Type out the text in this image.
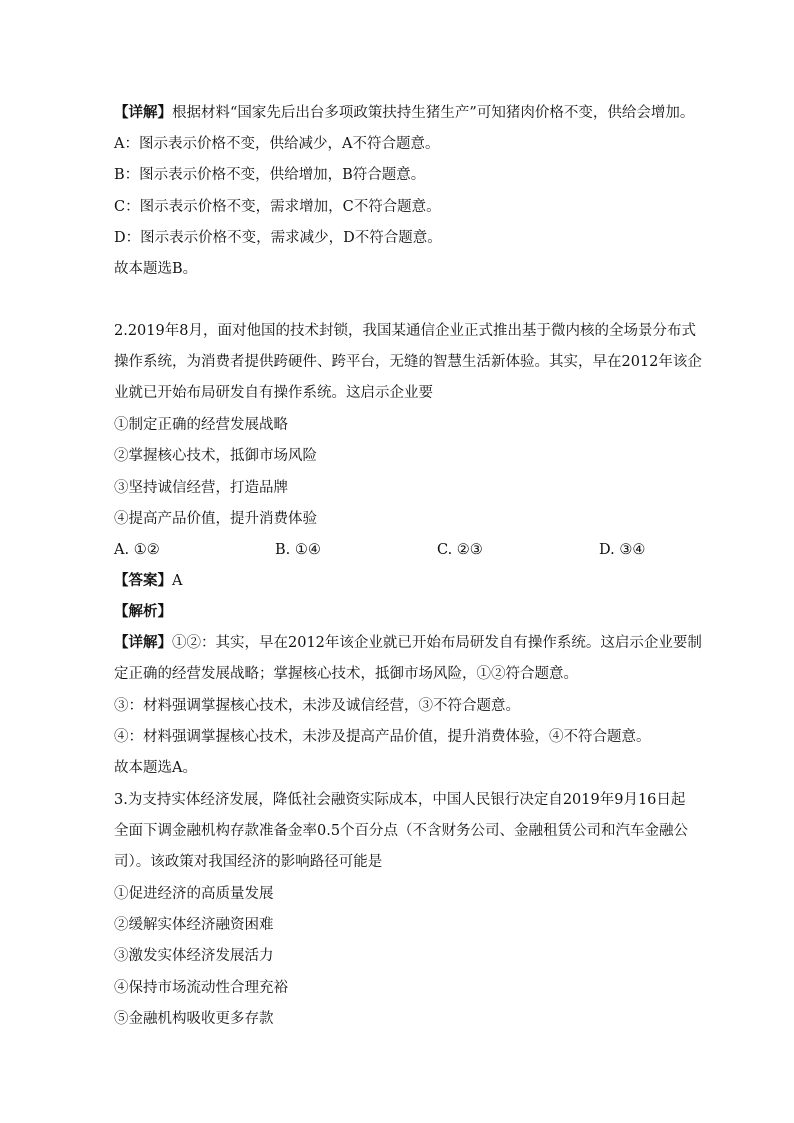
【详解】根据材料“国家先后出台多项政策扶持生猪生产”可知猪肉价格不变，供给会增加。
A：图示表示价格不变，供给减少，A不符合题意。
B：图示表示价格不变，供给增加，B符合题意。
C：图示表示价格不变，需求增加，C不符合题意。
D：图示表示价格不变，需求减少，D不符合题意。
故本题选B。
2.2019年8月，面对他国的技术封锁，我国某通信企业正式推出基于微内核的全场景分布式
操作系统，为消费者提供跨硬件、跨平台，无缝的智慧生活新体验。其实，早在2012年该企
业就已开始布局研发自有操作系统。这启示企业要
①制定正确的经营发展战略
②掌握核心技术，抵御市场风险
③坚持诚信经营，打造品牌
④提高产品价值，提升消费体验
A. ①②	B. ①④	C. ②③	D. ③④
【答案】A
【解析】
【详解】①②：其实，早在2012年该企业就已开始布局研发自有操作系统。这启示企业要制
定正确的经营发展战略；掌握核心技术，抵御市场风险，①②符合题意。
③：材料强调掌握核心技术，未涉及诚信经营，③不符合题意。
④：材料强调掌握核心技术，未涉及提高产品价值，提升消费体验，④不符合题意。
故本题选A。
3.为支持实体经济发展，降低社会融资实际成本，中国人民银行决定自2019年9月16日起
全面下调金融机构存款准备金率0.5个百分点（不含财务公司、金融租赁公司和汽车金融公
司）。该政策对我国经济的影响路径可能是
①促进经济的高质量发展
②缓解实体经济融资困难
③激发实体经济发展活力
④保持市场流动性合理充裕
⑤金融机构吸收更多存款
